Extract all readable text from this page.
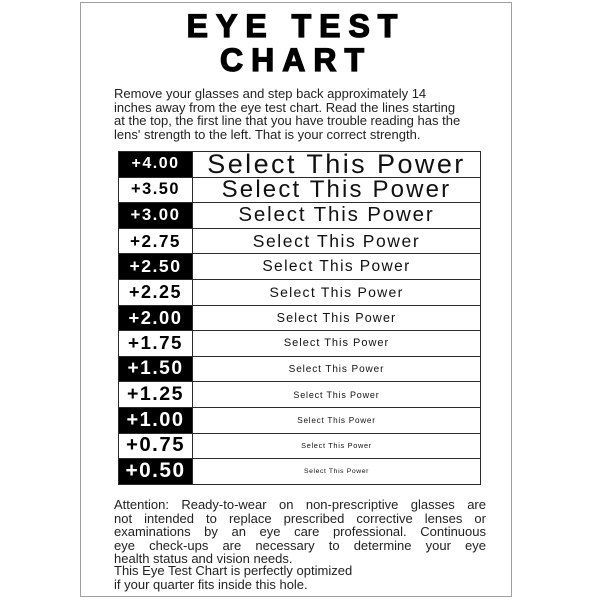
EYE TEST
CHART
Remove your glasses and step back approximately 14
inches away from the eye test chart. Read the lines starting
at the top, the first line that you have trouble reading has the
lens' strength to the left. That is your correct strength.
+4.00	Select This Power
+3.50	Select This Power
+3.00	Select This Power
+2.75	Select This Power
+2.50	Select This Power
+2.25	Select This Power
+2.00	Select This Power
+1.75	Select This Power
+1.50	Select This Power
+1.25	Select This Power
+1.00	Select This Power
+0.75	Select This Power
+0.50	Select This Power
Attention: Ready-to-wear on non-prescriptive glasses are
not intended to replace prescribed corrective lenses or
examinations by an eye care professional. Continuous
eye check-ups are necessary to determine your eye
health status and vision needs.
This Eye Test Chart is perfectly optimized
if your quarter fits inside this hole.
